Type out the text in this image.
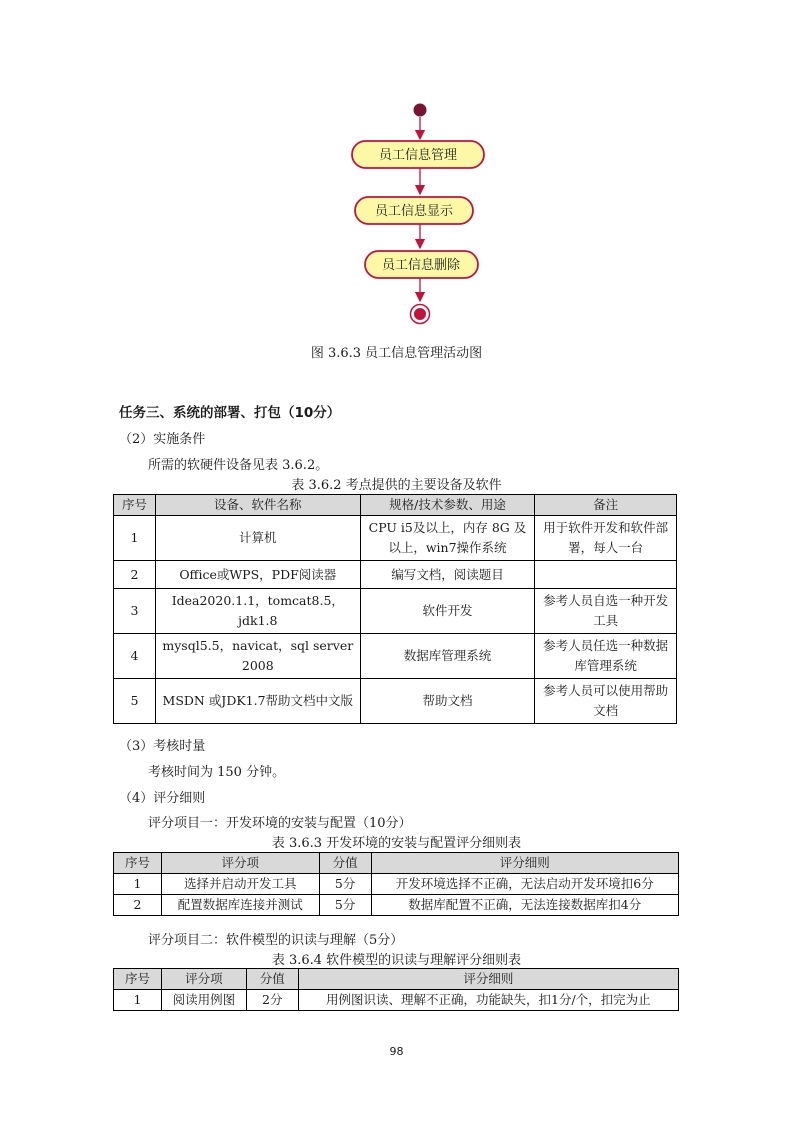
员工信息管理
员工信息显示
员工信息删除
图 3.6.3 员工信息管理活动图
任务三、系统的部署、打包（10分）
（2）实施条件
所需的软硬件设备见表 3.6.2。
表 3.6.2 考点提供的主要设备及软件
序号	设备、软件名称	规格/技术参数、用途	备注
1	计算机	CPU i5及以上，内存 8G 及以上，win7操作系统	用于软件开发和软件部署，每人一台
2	Office或WPS，PDF阅读器	编写文档，阅读题目	
3	Idea2020.1.1，tomcat8.5，jdk1.8	软件开发	参考人员自选一种开发工具
4	mysql5.5，navicat，sql server 2008	数据库管理系统	参考人员任选一种数据库管理系统
5	MSDN 或JDK1.7帮助文档中文版	帮助文档	参考人员可以使用帮助文档
（3）考核时量
考核时间为 150 分钟。
（4）评分细则
评分项目一：开发环境的安装与配置（10分）
表 3.6.3 开发环境的安装与配置评分细则表
序号	评分项	分值	评分细则
1	选择并启动开发工具	5分	开发环境选择不正确，无法启动开发环境扣6分
2	配置数据库连接并测试	5分	数据库配置不正确，无法连接数据库扣4分
评分项目二：软件模型的识读与理解（5分）
表 3.6.4 软件模型的识读与理解评分细则表
序号	评分项	分值	评分细则
1	阅读用例图	2分	用例图识读、理解不正确，功能缺失，扣1分/个，扣完为止
98
